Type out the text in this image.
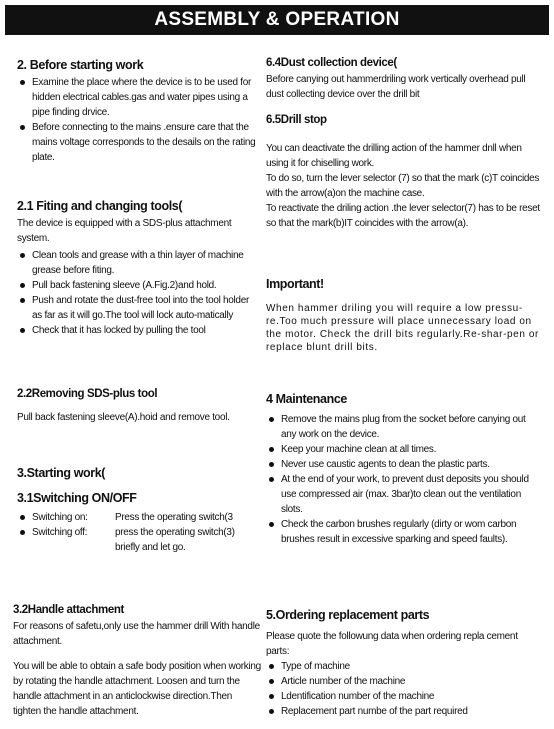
ASSEMBLY & OPERATION
2. Before starting work
Examine the place where the device is to be used for hidden electrical cables.gas and water pipes using a pipe finding drvice.
Before connecting to the mains .ensure care that the mains voltage corresponds to the desails on the rating plate.
2.1 Fiting and changing tools(

The device is equipped with a SDS-plus attachment system.

Clean tools and grease with a thin layer of machine grease before fiting.
Pull back fastening sleeve (A.Fig.2)and hold.
Push and rotate the dust-free tool into the tool holder as far as it will go.The tool will lock auto-matically
Check that it has locked by pulling the tool
2.2Removing SDS-plus tool

Pull back fastening sleeve(A).hoid and remove tool.

3.Starting work(
3.1Switching ON/OFF
Switching on:	Press the operating switch(3
Switching off:	press the operating switch(3) briefly and let go.
3.2Handle attachment

For reasons of safetu,only use the hammer drill With handle attachment.

You will be able to obtain a safe body position when working by rotating the handle attachment. Loosen and turn the handle attachment in an anticlockwise direction.Then tighten the handle attachment.

6.4Dust collection device(

Before canying out hammerdriling work vertically overhead pull dust collecting device over the drill bit

6.5Drill stop

You can deactivate the drilling action of the hammer dnll when using it for chiselling work.

To do so, turn the lever selector (7) so that the mark (c)T coincides with the arrow(a)on the machine case.

To reactivate the driling action .the lever selector(7) has to be reset so that the mark(b)IT coincides with the arrow(a).

Important!

When hammer driling you will require a low pressu-re.Too much pressure will place unnecessary load on the motor. Check the drill bits regularly.Re-shar-pen or replace blunt drill bits.

4 Maintenance
Remove the mains plug from the socket before canying out any work on the device.
Keep your machine clean at all times.
Never use caustic agents to dean the plastic parts.
At the end of your work, to prevent dust deposits you should use compressed air (max. 3bar)to clean out the ventilation slots.
Check the carbon brushes regularly (dirty or wom carbon brushes result in excessive sparking and speed faults).
5.Ordering replacement parts

Please quote the followung data when ordering repla cement parts:

Type of machine
Article number of the machine
Ldentification number of the machine
Replacement part numbe of the part required
